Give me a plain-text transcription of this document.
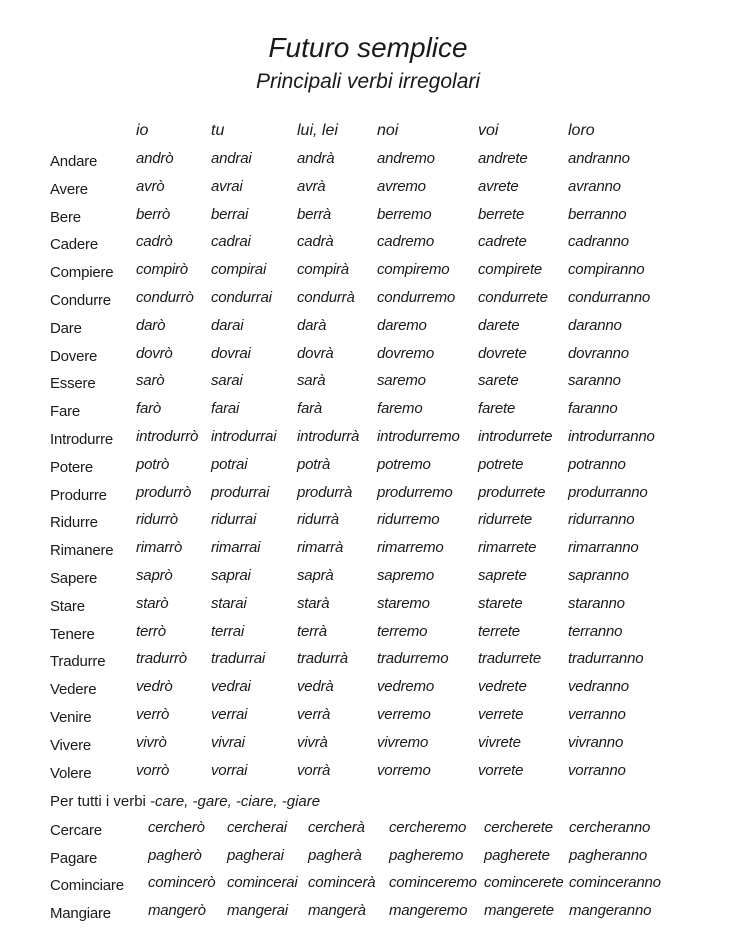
Futuro semplice
Principali verbi irregolari
io	tu	lui, lei noi	voi	loro
Andare	andrò	andrai	andrà	andremo	andrete	andranno
Avere	avrò	avrai	avrà	avremo	avrete	avranno
Bere	berrò	berrai	berrà	berremo	berrete	berranno
Cadere	cadrò	cadrai	cadrà	cadremo	cadrete	cadranno
Compiere compirò compirai compirà compiremo compirete compiranno
Condurre condurrò condurrai condurrà condurremo condurrete condurranno
Dare	darò	darai	darà	daremo	darete	daranno
Dovere	dovrò	dovrai	dovrà	dovremo	dovrete	dovranno
Essere	sarò	sarai	sarà	saremo	sarete	saranno
Fare	farò	farai	farà	faremo	farete	faranno
Introdurre introdurrò introdurrai introdurrà introdurremo introdurrete introdurranno
Potere	potrò	potrai	potrà	potremo	potrete	potranno
Produrre produrrò produrrai produrrà produrremo produrrete produrranno
Ridurre	ridurrò ridurrai	ridurrà	ridurremo	ridurrete ridurranno
Rimanere rimarrò rimarrai rimarrà rimarremo rimarrete rimarranno
Sapere	saprò	saprai	saprà	sapremo	saprete	sapranno
Stare	starò	starai	starà	staremo	starete	staranno
Tenere	terrò	terrai	terrà	terremo	terrete	terranno
Tradurre tradurrò tradurrai tradurrà tradurremo tradurrete tradurranno
Vedere	vedrò	vedrai	vedrà	vedremo	vedrete	vedranno
Venire	verrò	verrai	verrà	verremo	verrete	verranno
Vivere	vivrò	vivrai	vivrà	vivremo	vivrete	vivranno
Volere	vorrò	vorrai	vorrà	vorremo	vorrete	vorranno
Per tutti i verbi -care, -gare, -ciare, -giare
Cercare	cercherò cercherai cercherà cercheremo cercherete cercheranno
Pagare	pagherò pagherai pagherà pagheremo pagherete pagheranno
Cominciare comincerò comincerai comincerà cominceremo comincerete cominceranno
Mangiare mangerò mangerai mangerà mangeremo mangerete mangeranno
